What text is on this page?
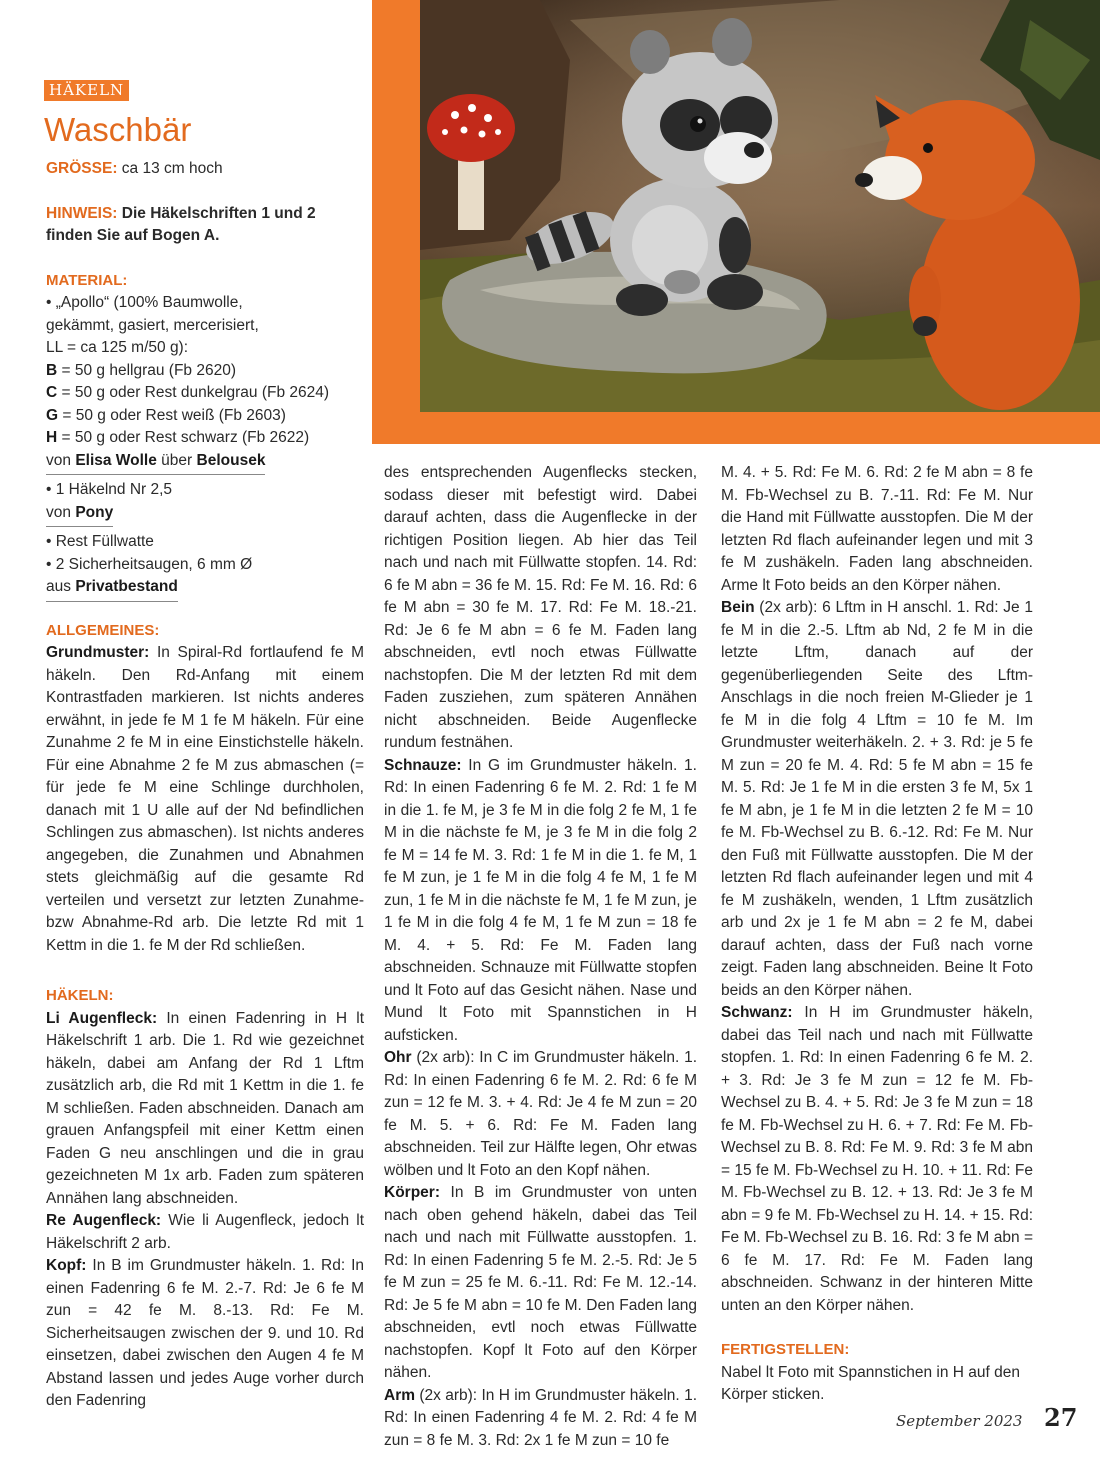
HÄKELN
Waschbär

GRÖSSE: ca 13 cm hoch

HINWEIS: Die Häkelschriften 1 und 2 finden Sie auf Bogen A.

MATERIAL:

• „Apollo“ (100% Baumwolle,

gekämmt, gasiert, mercerisiert,

LL = ca 125 m/50 g):

B = 50 g hellgrau (Fb 2620)

C = 50 g oder Rest dunkelgrau (Fb 2624)

G = 50 g oder Rest weiß (Fb 2603)

H = 50 g oder Rest schwarz (Fb 2622)

von Elisa Wolle über Belousek

• 1 Häkelnd Nr 2,5

von Pony

• Rest Füllwatte

• 2 Sicherheitsaugen, 6 mm Ø

aus Privatbestand

ALLGEMEINES:

Grundmuster: In Spiral-Rd fortlaufend fe M häkeln. Den Rd-Anfang mit einem Kontrastfaden markieren. Ist nichts anderes erwähnt, in jede fe M 1 fe M häkeln. Für eine Zunahme 2 fe M in eine Einstichstelle häkeln. Für eine Abnahme 2 fe M zus abmaschen (= für jede fe M eine Schlinge durchholen, danach mit 1 U alle auf der Nd befindlichen Schlingen zus abmaschen). Ist nichts anderes angegeben, die Zunahmen und Abnahmen stets gleichmäßig auf die gesamte Rd verteilen und versetzt zur letzten Zunahme- bzw Abnahme-Rd arb. Die letzte Rd mit 1 Kettm in die 1. fe M der Rd schließen.

HÄKELN:

Li Augenfleck: In einen Fadenring in H lt Häkelschrift 1 arb. Die 1. Rd wie gezeichnet häkeln, dabei am Anfang der Rd 1 Lftm zusätzlich arb, die Rd mit 1 Kettm in die 1. fe M schließen. Faden abschneiden. Danach am grauen Anfangspfeil mit einer Kettm einen Faden G neu anschlingen und die in grau gezeichneten M 1x arb. Faden zum späteren Annähen lang abschneiden.

Re Augenfleck: Wie li Augenfleck, jedoch lt Häkelschrift 2 arb.

Kopf: In B im Grundmuster häkeln. 1. Rd: In einen Fadenring 6 fe M. 2.-7. Rd: Je 6 fe M zun = 42 fe M. 8.-13. Rd: Fe M. Sicherheitsaugen zwischen der 9. und 10. Rd einsetzen, dabei zwischen den Augen 4 fe M Abstand lassen und jedes Auge vorher durch den Fadenring

des entsprechenden Augenflecks stecken, sodass dieser mit befestigt wird. Dabei darauf achten, dass die Augenflecke in der richtigen Position liegen. Ab hier das Teil nach und nach mit Füllwatte stopfen. 14. Rd: 6 fe M abn = 36 fe M. 15. Rd: Fe M. 16. Rd: 6 fe M abn = 30 fe M. 17. Rd: Fe M. 18.-21. Rd: Je 6 fe M abn = 6 fe M. Faden lang abschneiden, evtl noch etwas Füllwatte nachstopfen. Die M der letzten Rd mit dem Faden zusziehen, zum späteren Annähen nicht abschneiden. Beide Augenflecke rundum festnähen.

Schnauze: In G im Grundmuster häkeln. 1. Rd: In einen Fadenring 6 fe M. 2. Rd: 1 fe M in die 1. fe M, je 3 fe M in die folg 2 fe M, 1 fe M in die nächste fe M, je 3 fe M in die folg 2 fe M = 14 fe M. 3. Rd: 1 fe M in die 1. fe M, 1 fe M zun, je 1 fe M in die folg 4 fe M, 1 fe M zun, 1 fe M in die nächste fe M, 1 fe M zun, je 1 fe M in die folg 4 fe M, 1 fe M zun = 18 fe M. 4. + 5. Rd: Fe M. Faden lang abschneiden. Schnauze mit Füllwatte stopfen und lt Foto auf das Gesicht nähen. Nase und Mund lt Foto mit Spannstichen in H aufsticken.

Ohr (2x arb): In C im Grundmuster häkeln. 1. Rd: In einen Fadenring 6 fe M. 2. Rd: 6 fe M zun = 12 fe M. 3. + 4. Rd: Je 4 fe M zun = 20 fe M. 5. + 6. Rd: Fe M. Faden lang abschneiden. Teil zur Hälfte legen, Ohr etwas wölben und lt Foto an den Kopf nähen.

Körper: In B im Grundmuster von unten nach oben gehend häkeln, dabei das Teil nach und nach mit Füllwatte ausstopfen. 1. Rd: In einen Fadenring 5 fe M. 2.-5. Rd: Je 5 fe M zun = 25 fe M. 6.-11. Rd: Fe M. 12.-14. Rd: Je 5 fe M abn = 10 fe M. Den Faden lang abschneiden, evtl noch etwas Füllwatte nachstopfen. Kopf lt Foto auf den Körper nähen.

Arm (2x arb): In H im Grundmuster häkeln. 1. Rd: In einen Fadenring 4 fe M. 2. Rd: 4 fe M zun = 8 fe M. 3. Rd: 2x 1 fe M zun = 10 fe

M. 4. + 5. Rd: Fe M. 6. Rd: 2 fe M abn = 8 fe M. Fb-Wechsel zu B. 7.-11. Rd: Fe M. Nur die Hand mit Füllwatte ausstopfen. Die M der letzten Rd flach aufeinander legen und mit 3 fe M zushäkeln. Faden lang abschneiden. Arme lt Foto beids an den Körper nähen.

Bein (2x arb): 6 Lftm in H anschl. 1. Rd: Je 1 fe M in die 2.-5. Lftm ab Nd, 2 fe M in die letzte Lftm, danach auf der gegenüberliegenden Seite des Lftm-Anschlags in die noch freien M-Glieder je 1 fe M in die folg 4 Lftm = 10 fe M. Im Grundmuster weiterhäkeln. 2. + 3. Rd: je 5 fe M zun = 20 fe M. 4. Rd: 5 fe M abn = 15 fe M. 5. Rd: Je 1 fe M in die ersten 3 fe M, 5x 1 fe M abn, je 1 fe M in die letzten 2 fe M = 10 fe M. Fb-Wechsel zu B. 6.-12. Rd: Fe M. Nur den Fuß mit Füllwatte ausstopfen. Die M der letzten Rd flach aufeinander legen und mit 4 fe M zushäkeln, wenden, 1 Lftm zusätzlich arb und 2x je 1 fe M abn = 2 fe M, dabei darauf achten, dass der Fuß nach vorne zeigt. Faden lang abschneiden. Beine lt Foto beids an den Körper nähen.

Schwanz: In H im Grundmuster häkeln, dabei das Teil nach und nach mit Füllwatte stopfen. 1. Rd: In einen Fadenring 6 fe M. 2. + 3. Rd: Je 3 fe M zun = 12 fe M. Fb-Wechsel zu B. 4. + 5. Rd: Je 3 fe M zun = 18 fe M. Fb-Wechsel zu H. 6. + 7. Rd: Fe M. Fb-Wechsel zu B. 8. Rd: Fe M. 9. Rd: 3 fe M abn = 15 fe M. Fb-Wechsel zu H. 10. + 11. Rd: Fe M. Fb-Wechsel zu B. 12. + 13. Rd: Je 3 fe M abn = 9 fe M. Fb-Wechsel zu H. 14. + 15. Rd: Fe M. Fb-Wechsel zu B. 16. Rd: 3 fe M abn = 6 fe M. 17. Rd: Fe M. Faden lang abschneiden. Schwanz in der hinteren Mitte unten an den Körper nähen.

FERTIGSTELLEN:

Nabel lt Foto mit Spannstichen in H auf den Körper sticken.

September 2023 27
